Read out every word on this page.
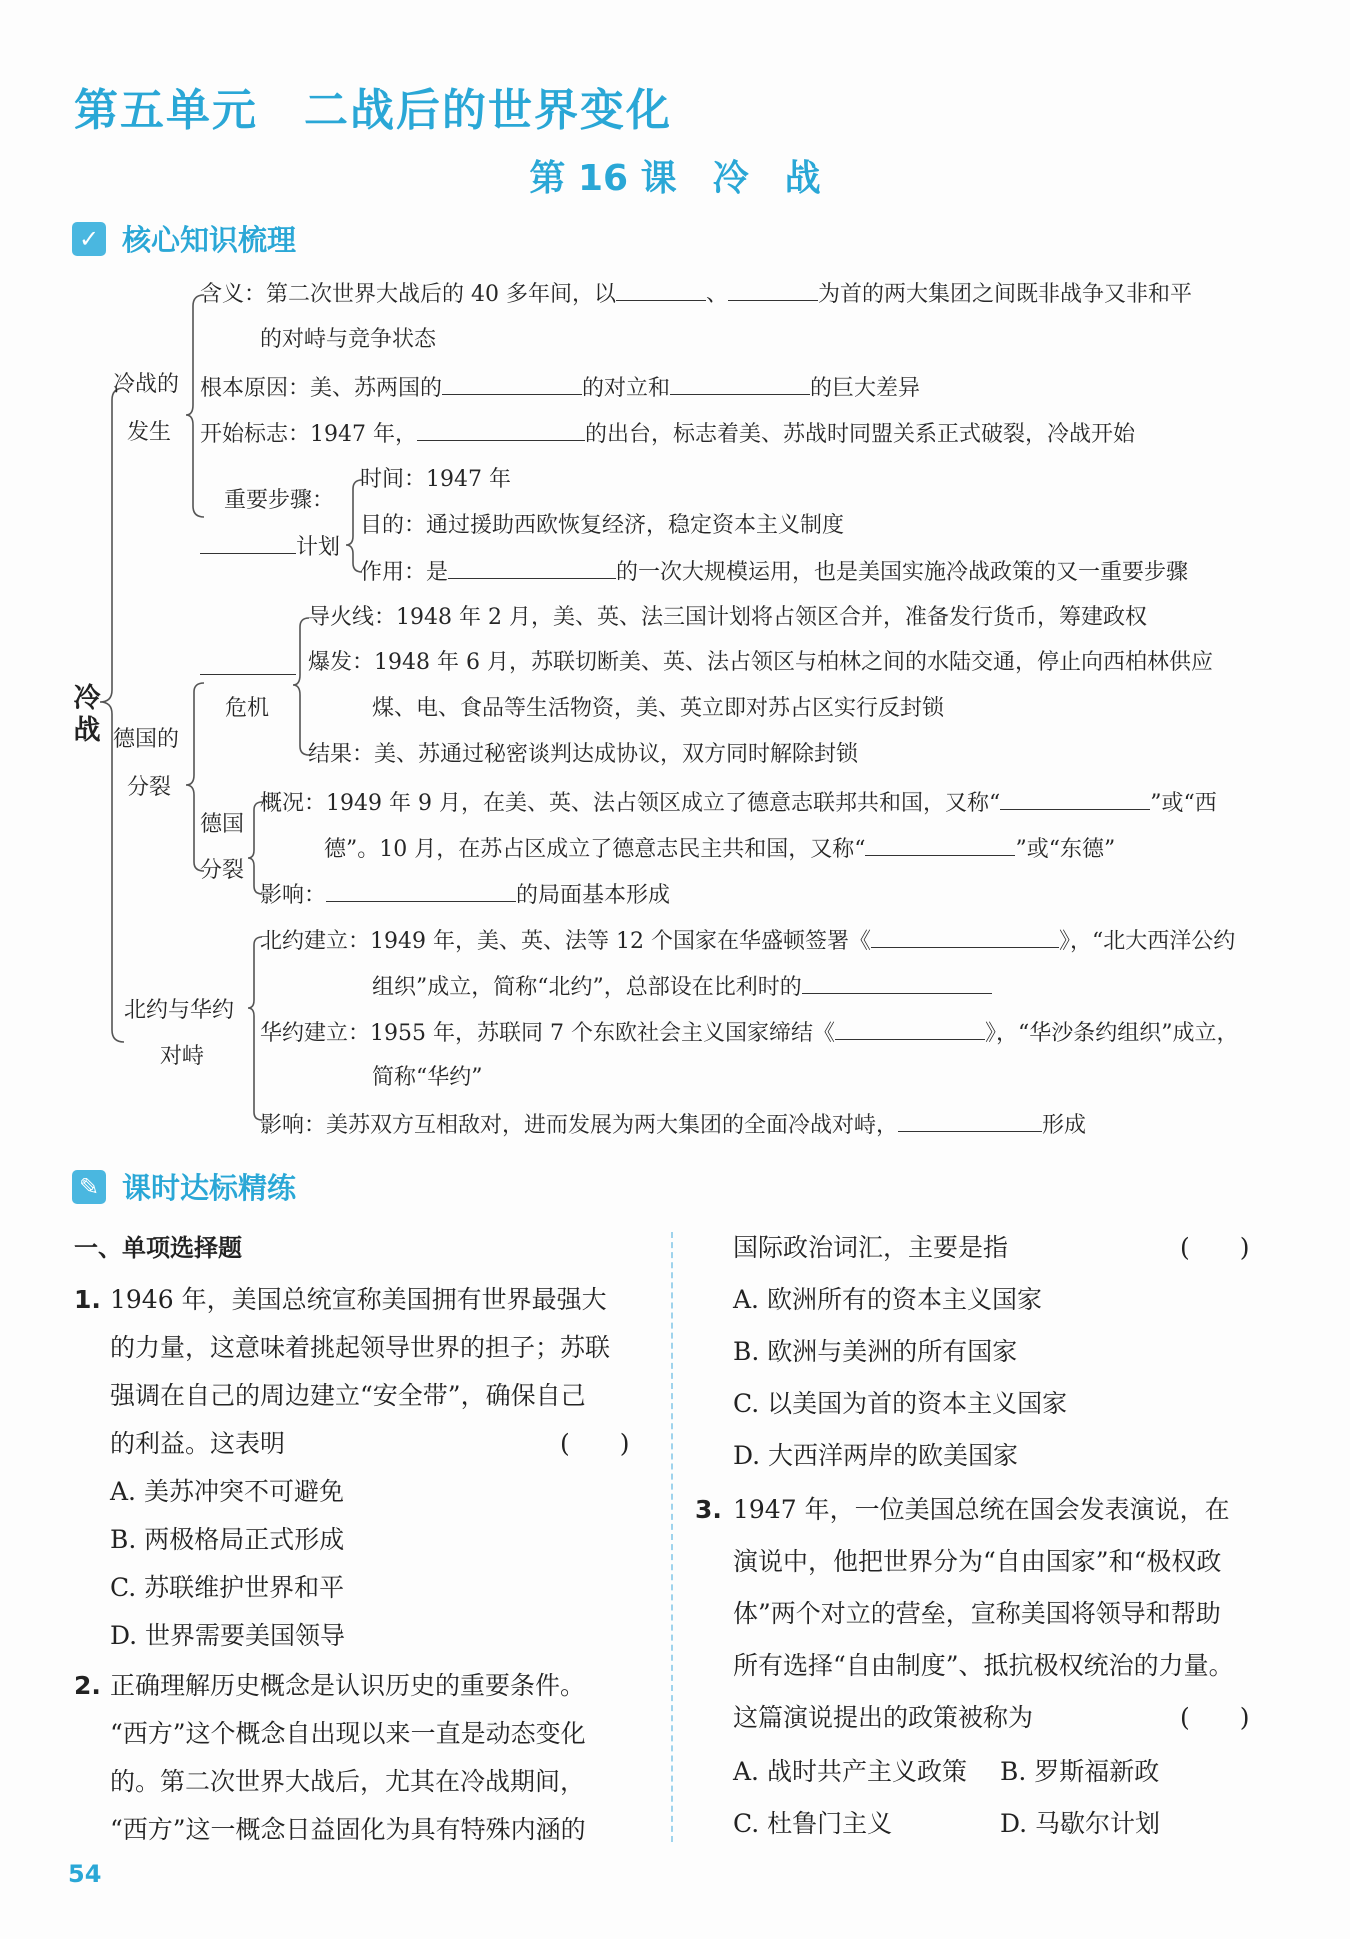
第五单元 二战后的世界变化
第 16 课　冷　战
✓ 核心知识梳理
冷战
冷战的
发生
含义：第二次世界大战后的 40 多年间，以	、	为首的两大集团之间既非战争又非和平
的对峙与竞争状态
根本原因：美、苏两国的	的对立和	的巨大差异
开始标志：1947 年，	的出台，标志着美、苏战时同盟关系正式破裂，冷战开始
重要步骤：
计划
时间：1947 年
目的：通过援助西欧恢复经济，稳定资本主义制度
作用：是	的一次大规模运用，也是美国实施冷战政策的又一重要步骤
德国的
分裂
危机
导火线：1948 年 2 月，美、英、法三国计划将占领区合并，准备发行货币，筹建政权
爆发：1948 年 6 月，苏联切断美、英、法占领区与柏林之间的水陆交通，停止向西柏林供应
煤、电、食品等生活物资，美、英立即对苏占区实行反封锁
结果：美、苏通过秘密谈判达成协议，双方同时解除封锁
德国
分裂
概况：1949 年 9 月，在美、英、法占领区成立了德意志联邦共和国，又称“	”或“西
德”。10 月，在苏占区成立了德意志民主共和国，又称“	”或“东德”
影响：	的局面基本形成
北约与华约
对峙
北约建立：1949 年，美、英、法等 12 个国家在华盛顿签署《	》，“北大西洋公约
组织”成立，简称“北约”，总部设在比利时的
华约建立：1955 年，苏联同 7 个东欧社会主义国家缔结《	》，“华沙条约组织”成立，
简称“华约”
影响：美苏双方互相敌对，进而发展为两大集团的全面冷战对峙，	形成
✎ 课时达标精练
一、单项选择题
1. 1946 年，美国总统宣称美国拥有世界最强大
的力量，这意味着挑起领导世界的担子；苏联
强调在自己的周边建立“安全带”，确保自己
的利益。这表明	(　　)
A. 美苏冲突不可避免
B. 两极格局正式形成
C. 苏联维护世界和平
D. 世界需要美国领导
2. 正确理解历史概念是认识历史的重要条件。
“西方”这个概念自出现以来一直是动态变化
的。第二次世界大战后，尤其在冷战期间，
“西方”这一概念日益固化为具有特殊内涵的
国际政治词汇，主要是指	(　　)
A. 欧洲所有的资本主义国家
B. 欧洲与美洲的所有国家
C. 以美国为首的资本主义国家
D. 大西洋两岸的欧美国家
3. 1947 年，一位美国总统在国会发表演说，在
演说中，他把世界分为“自由国家”和“极权政
体”两个对立的营垒，宣称美国将领导和帮助
所有选择“自由制度”、抵抗极权统治的力量。
这篇演说提出的政策被称为	(　　)
A. 战时共产主义政策 B. 罗斯福新政
C. 杜鲁门主义	D. 马歇尔计划
54
